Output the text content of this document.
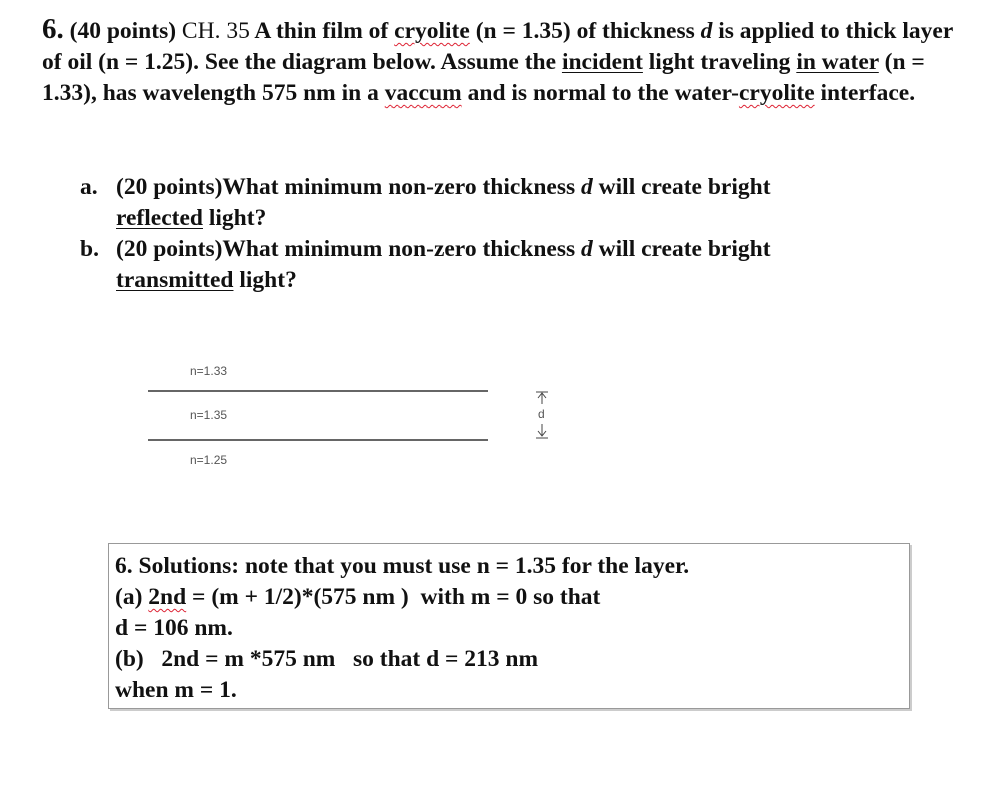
6. (40 points) CH. 35 A thin film of cryolite (n = 1.35) of thickness d is applied to thick layer of oil (n = 1.25). See the diagram below. Assume the incident light traveling in water (n = 1.33), has wavelength 575 nm in a vaccum and is normal to the water-cryolite interface.
a. (20 points)What minimum non-zero thickness d will create bright reflected light?
b. (20 points)What minimum non-zero thickness d will create bright transmitted light?
n=1.33
n=1.35
n=1.25
d
6. Solutions: note that you must use n = 1.35 for the layer.
(a) 2nd = (m + 1/2)*(575 nm )  with m = 0 so that
d = 106 nm.
(b)   2nd = m *575 nm   so that d = 213 nm
when m = 1.
